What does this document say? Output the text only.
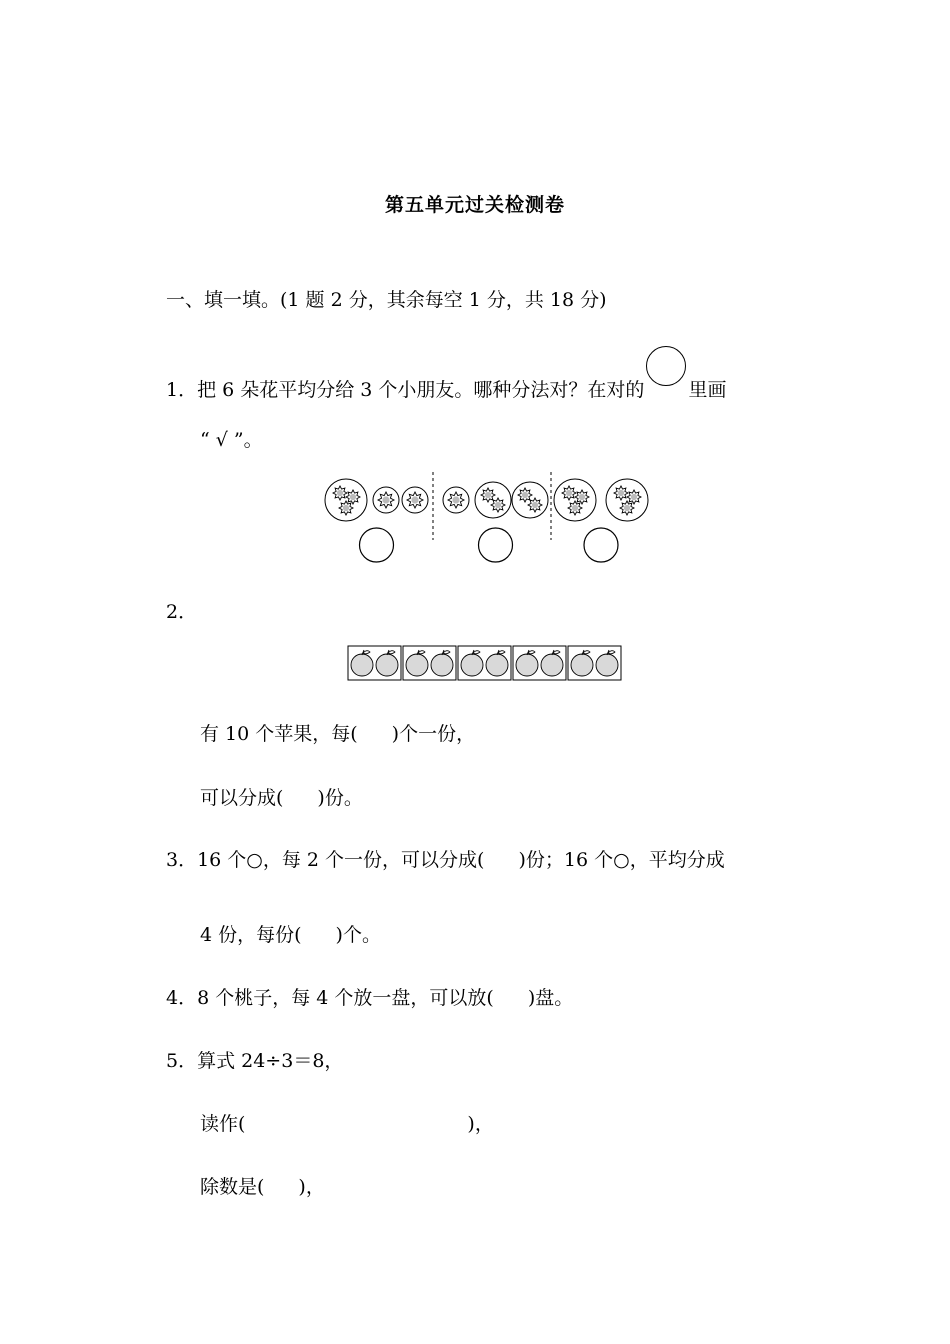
第五单元过关检测卷
一、填一填。(1 题 2 分，其余每空 1 分，共 18 分)
1．把 6 朵花平均分给 3 个小朋友。哪种分法对？在对的 里画
“ √ ”。
2．
有 10 个苹果，每( )个一份，
可以分成( )份。
3．16 个○，每 2 个一份，可以分成( )份；16 个○，平均分成
4 份，每份( )个。
4．8 个桃子，每 4 个放一盘，可以放( )盘。
5．算式 24÷3＝8，
读作(	)，
除数是( )，
